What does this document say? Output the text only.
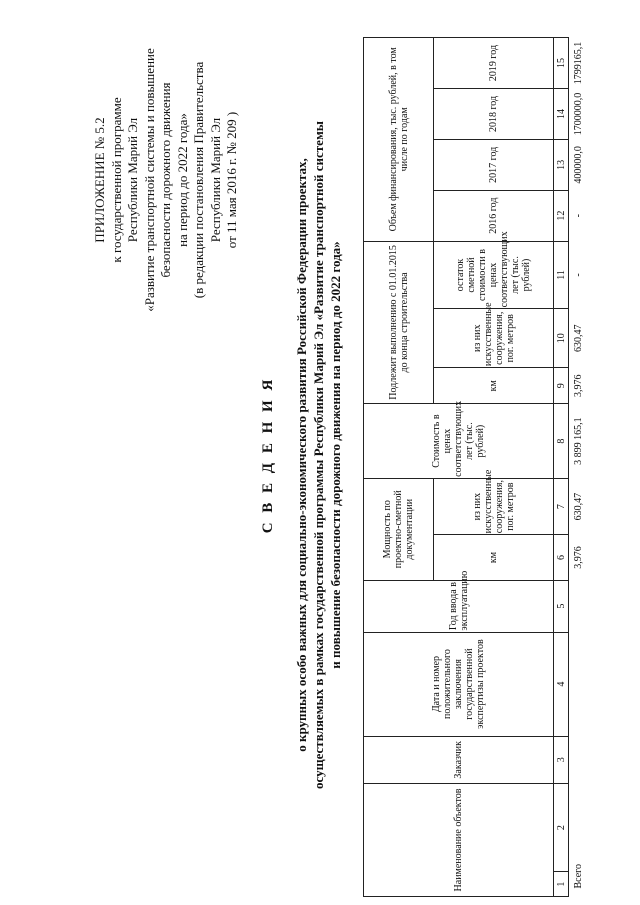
ПРИЛОЖЕНИЕ № 5.2 к государственной программе Республики Марий Эл «Развитие транспортной системы и повышение безопасности дорожного движения на период до 2022 года» (в редакции постановления Правительства Республики Марий Эл от 11 мая 2016 г. № 209 )
С В Е Д Е Н И Я о крупных особо важных для социально-экономического развития Российской Федерации проектах, осуществляемых в рамках государственной программы Республики Марий Эл «Развитие транспортной системы и повышение безопасности дорожного движения на период до 2022 года»
Наименование объектов		Заказчик	Дата и номер положительного заключения государственной экспертизы проектов	Год ввода в эксплуатацию	Мощность по проектно-сметной документации		Стоимость в ценах соответствующих лет (тыс. рублей)	Подлежит выполнению с 01.01.2015 до конца строительства			Объем финансирования, тыс. рублей, в том числе по годам			
					км	из них искусственные сооружения, пог. метров		км	из них искусственные сооружения, пог. метров	остаток сметной стоимости в ценах соответствующих лет (тыс. рублей)	2016 год	2017 год	2018 год	2019 год
1	2	3	4	5	6	7	8	9	10	11	12	13	14	15
Всего					3,976	630,47	3 899 165,1	3,976	630,47	-	-	400000,0	1700000,0	1799165,1
